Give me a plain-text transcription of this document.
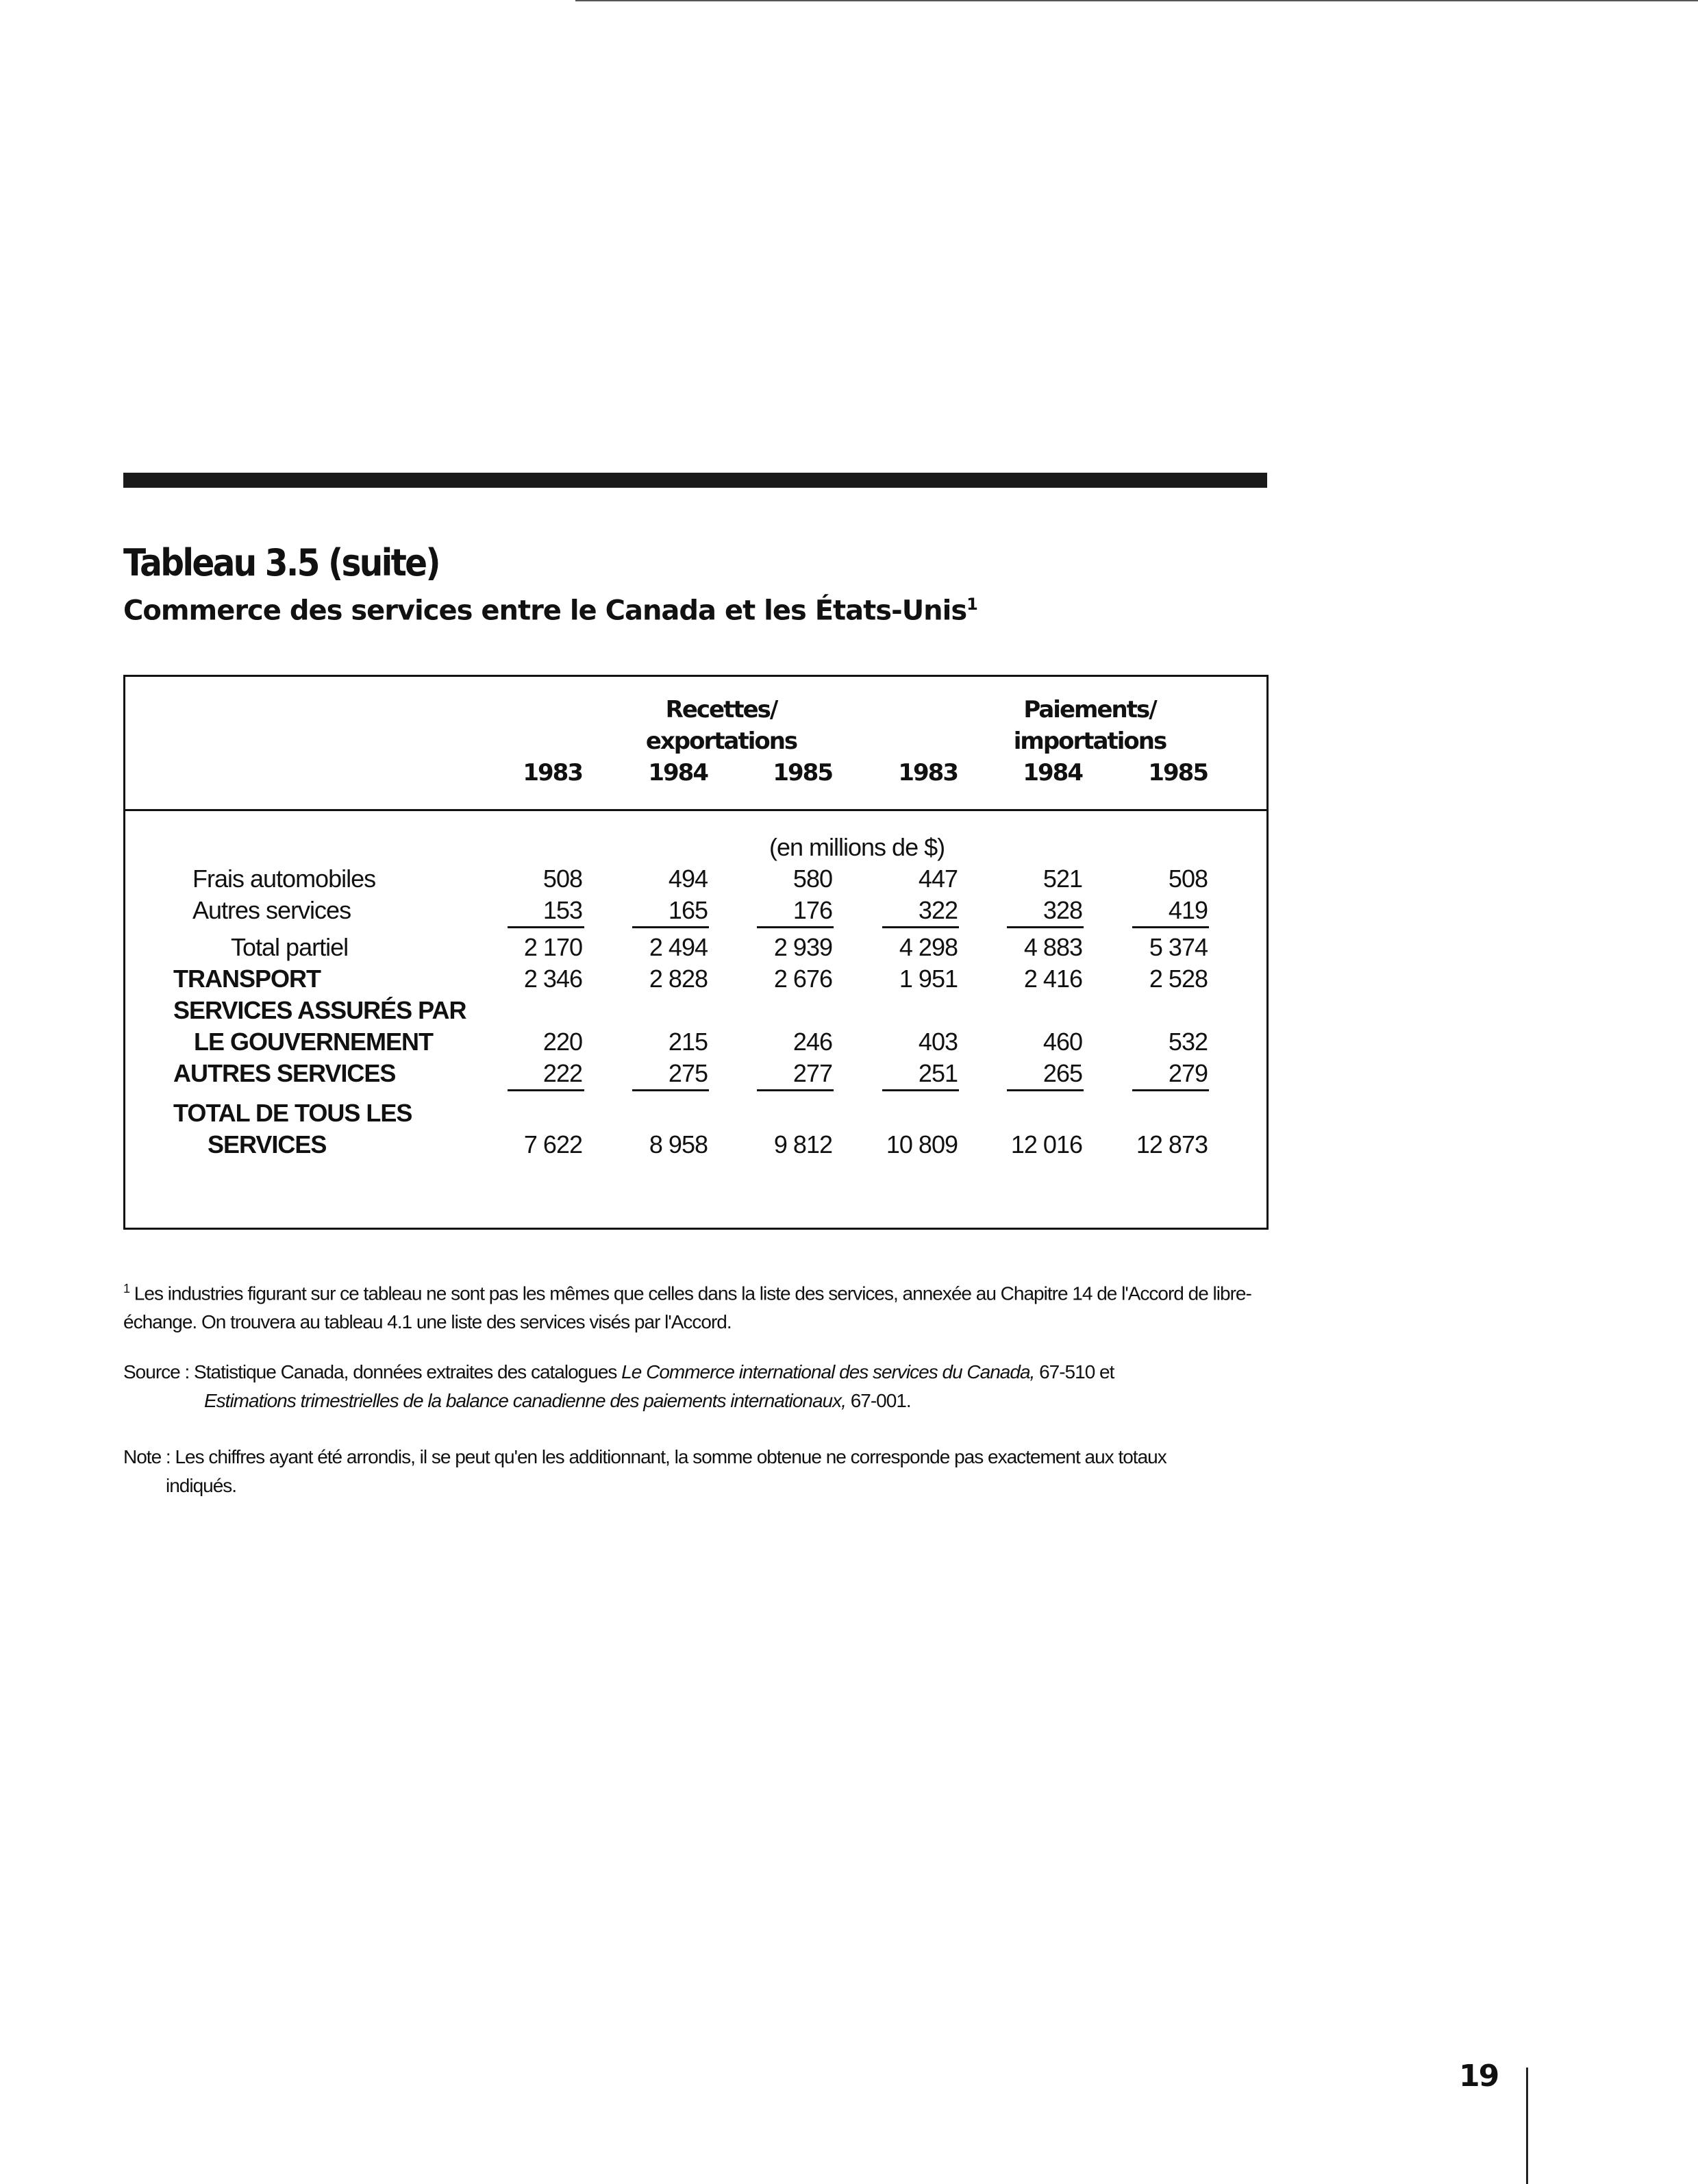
Tableau 3.5 (suite)
Commerce des services entre le Canada et les États-Unis$^1$
Recettes/
exportations
Paiements/
importations
1983	1984	1985	1983	1984	1985
(en millions de $)
Frais automobiles	508	494	580	447	521	508
Autres services	153	165	176	322	328	419
Total partiel	2 170	2 494	2 939	4 298	4 883	5 374
TRANSPORT	2 346	2 828	2 676	1 951	2 416	2 528
SERVICES ASSURÉS PAR
LE GOUVERNEMENT	220	215	246	403	460	532
AUTRES SERVICES	222	275	277	251	265	279
TOTAL DE TOUS LES
SERVICES	7 622	8 958	9 812	10 809	12 016	12 873
$^1$ Les industries figurant sur ce tableau ne sont pas les mêmes que celles dans la liste des services, annexée au Chapitre 14 de l'Accord de libre-échange. On trouvera au tableau 4.1 une liste des services visés par l'Accord.
Source : Statistique Canada, données extraites des catalogues Le Commerce international des services du Canada, 67-510 et
Estimations trimestrielles de la balance canadienne des paiements internationaux, 67-001.
Note : Les chiffres ayant été arrondis, il se peut qu'en les additionnant, la somme obtenue ne corresponde pas exactement aux totaux
indiqués.
19
